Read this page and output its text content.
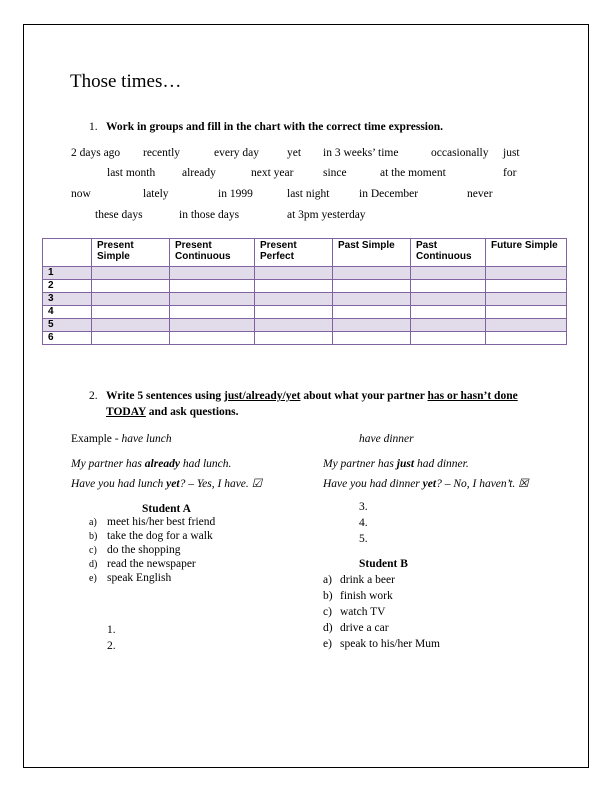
Those times…
1. Work in groups and fill in the chart with the correct time expression.
2 days ago recently	every day yet in 3 weeks’ time	occasionally just
last month already	next year	since	at the moment	for
now	lately	in 1999	last night	in December	never
these days	in those days	at 3pm yesterday
	Present Simple	Present Continuous	Present Perfect	Past Simple	Past Continuous	Future Simple
1						
2						
3						
4						
5						
6						
2. Write 5 sentences using just/already/yet about what your partner has or hasn’t done
TODAY and ask questions.
Example - have lunch	have dinner
My partner has already had lunch.
Have you had lunch yet? – Yes, I have. ☑
My partner has just had dinner.
Have you had dinner yet? – No, I haven’t. ☒
Student A
a) meet his/her best friend
b) take the dog for a walk
c) do the shopping
d) read the newspaper
e) speak English
1.
2.
3.
4.
5.
Student B
a) drink a beer
b) finish work
c) watch TV
d) drive a car
e) speak to his/her Mum
